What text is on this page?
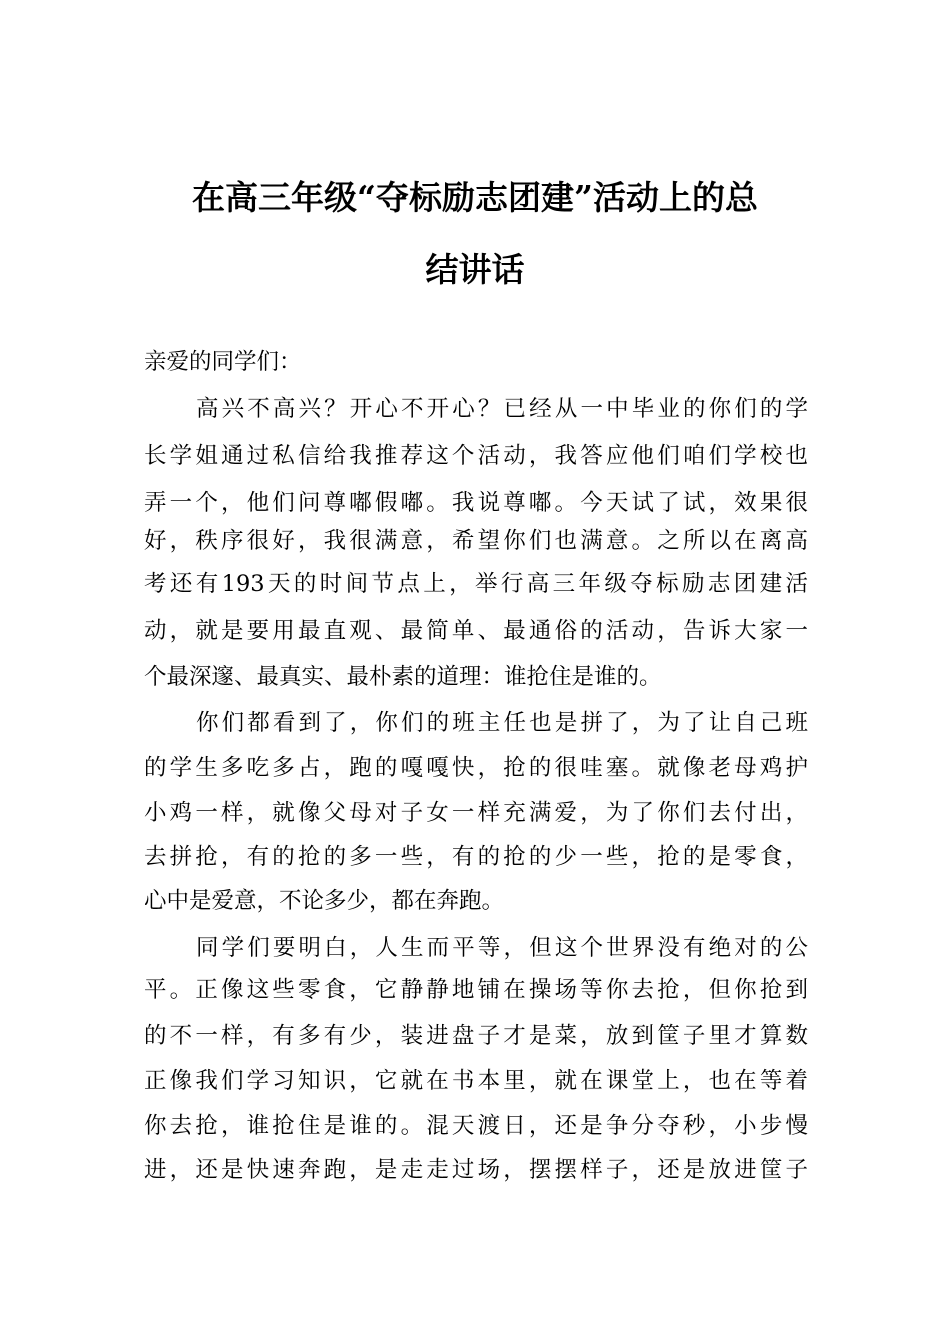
在高三年级“夺标励志团建”活动上的总
结讲话
亲爱的同学们：
高兴不高兴？开心不开心？已经从一中毕业的你们的学
长学姐通过私信给我推荐这个活动，我答应他们咱们学校也
弄一个，他们问尊嘟假嘟。我说尊嘟。今天试了试，效果很
好，秩序很好，我很满意，希望你们也满意。之所以在离高
考还有193天的时间节点上，举行高三年级夺标励志团建活
动，就是要用最直观、最简单、最通俗的活动，告诉大家一
个最深邃、最真实、最朴素的道理：谁抢住是谁的。
你们都看到了，你们的班主任也是拼了，为了让自己班
的学生多吃多占，跑的嘎嘎快，抢的很哇塞。就像老母鸡护
小鸡一样，就像父母对子女一样充满爱，为了你们去付出，
去拼抢，有的抢的多一些，有的抢的少一些，抢的是零食，
心中是爱意，不论多少，都在奔跑。
同学们要明白，人生而平等，但这个世界没有绝对的公
平。正像这些零食，它静静地铺在操场等你去抢，但你抢到
的不一样，有多有少，装进盘子才是菜，放到筐子里才算数
正像我们学习知识，它就在书本里，就在课堂上，也在等着
你去抢，谁抢住是谁的。混天渡日，还是争分夺秒，小步慢
进，还是快速奔跑，是走走过场，摆摆样子，还是放进筐子
